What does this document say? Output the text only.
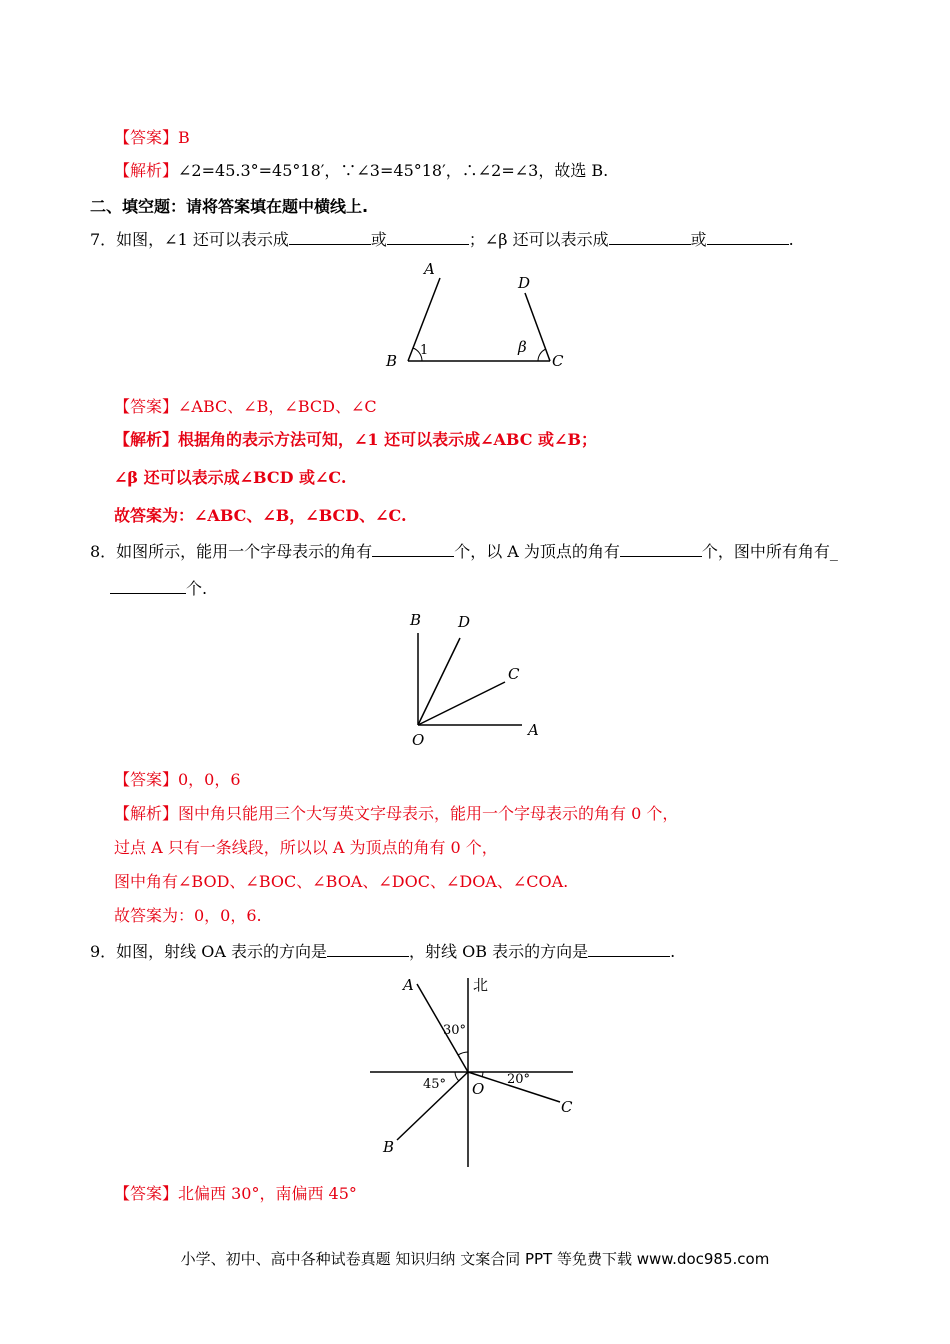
【答案】B
【解析】∠2=45.3°=45°18′，∵∠3=45°18′，∴∠2=∠3，故选 B.
二、填空题：请将答案填在题中横线上.
7．如图，∠1 还可以表示成	或	；∠β 还可以表示成	或	.
A
B	C
D
1	β
【答案】∠ABC、∠B，∠BCD、∠C
【解析】根据角的表示方法可知，∠1 还可以表示成∠ABC 或∠B；
∠β 还可以表示成∠BCD 或∠C.
故答案为：∠ABC、∠B，∠BCD、∠C.
8．如图所示，能用一个字母表示的角有	个，以 A 为顶点的角有	个，图中所有角有_
个.
B D
C
A
O
【答案】0，0，6
【解析】图中角只能用三个大写英文字母表示，能用一个字母表示的角有 0 个，
过点 A 只有一条线段，所以以 A 为顶点的角有 0 个，
图中角有∠BOD、∠BOC、∠BOA、∠DOC、∠DOA、∠COA.
故答案为：0，0，6.
9．如图，射线 OA 表示的方向是	，射线 OB 表示的方向是	.
A	北
30°
45°	20°
O
C
B
【答案】北偏西 30°，南偏西 45°
小学、初中、高中各种试卷真题 知识归纳 文案合同 PPT 等免费下载 www.doc985.com
